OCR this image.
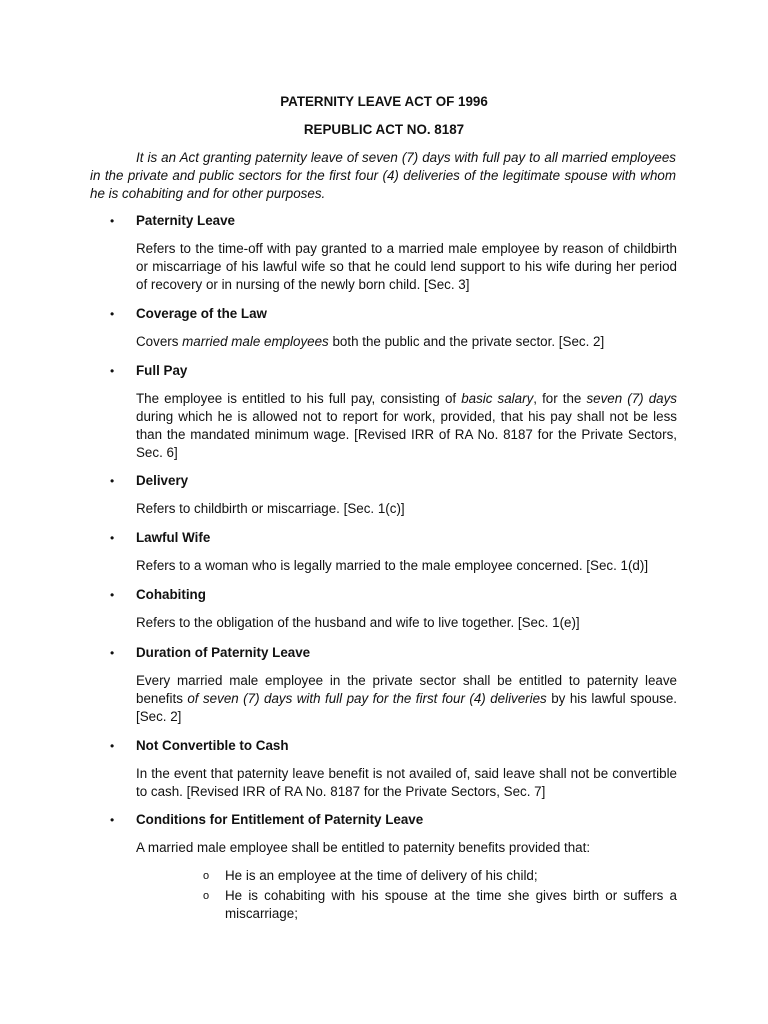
PATERNITY LEAVE ACT OF 1996
REPUBLIC ACT NO. 8187
It is an Act granting paternity leave of seven (7) days with full pay to all married employees in the private and public sectors for the first four (4) deliveries of the legitimate spouse with whom he is cohabiting and for other purposes.
•	Paternity Leave
Refers to the time-off with pay granted to a married male employee by reason of childbirth or miscarriage of his lawful wife so that he could lend support to his wife during her period of recovery or in nursing of the newly born child. [Sec. 3]
•	Coverage of the Law
Covers married male employees both the public and the private sector. [Sec. 2]
•	Full Pay
The employee is entitled to his full pay, consisting of basic salary, for the seven (7) days during which he is allowed not to report for work, provided, that his pay shall not be less than the mandated minimum wage. [Revised IRR of RA No. 8187 for the Private Sectors, Sec. 6]
•	Delivery
Refers to childbirth or miscarriage. [Sec. 1(c)]
•	Lawful Wife
Refers to a woman who is legally married to the male employee concerned. [Sec. 1(d)]
•	Cohabiting
Refers to the obligation of the husband and wife to live together. [Sec. 1(e)]
•	Duration of Paternity Leave
Every married male employee in the private sector shall be entitled to paternity leave benefits of seven (7) days with full pay for the first four (4) deliveries by his lawful spouse. [Sec. 2]
•	Not Convertible to Cash
In the event that paternity leave benefit is not availed of, said leave shall not be convertible to cash. [Revised IRR of RA No. 8187 for the Private Sectors, Sec. 7]
•	Conditions for Entitlement of Paternity Leave
A married male employee shall be entitled to paternity benefits provided that:
o He is an employee at the time of delivery of his child;
o He is cohabiting with his spouse at the time she gives birth or suffers a miscarriage;
